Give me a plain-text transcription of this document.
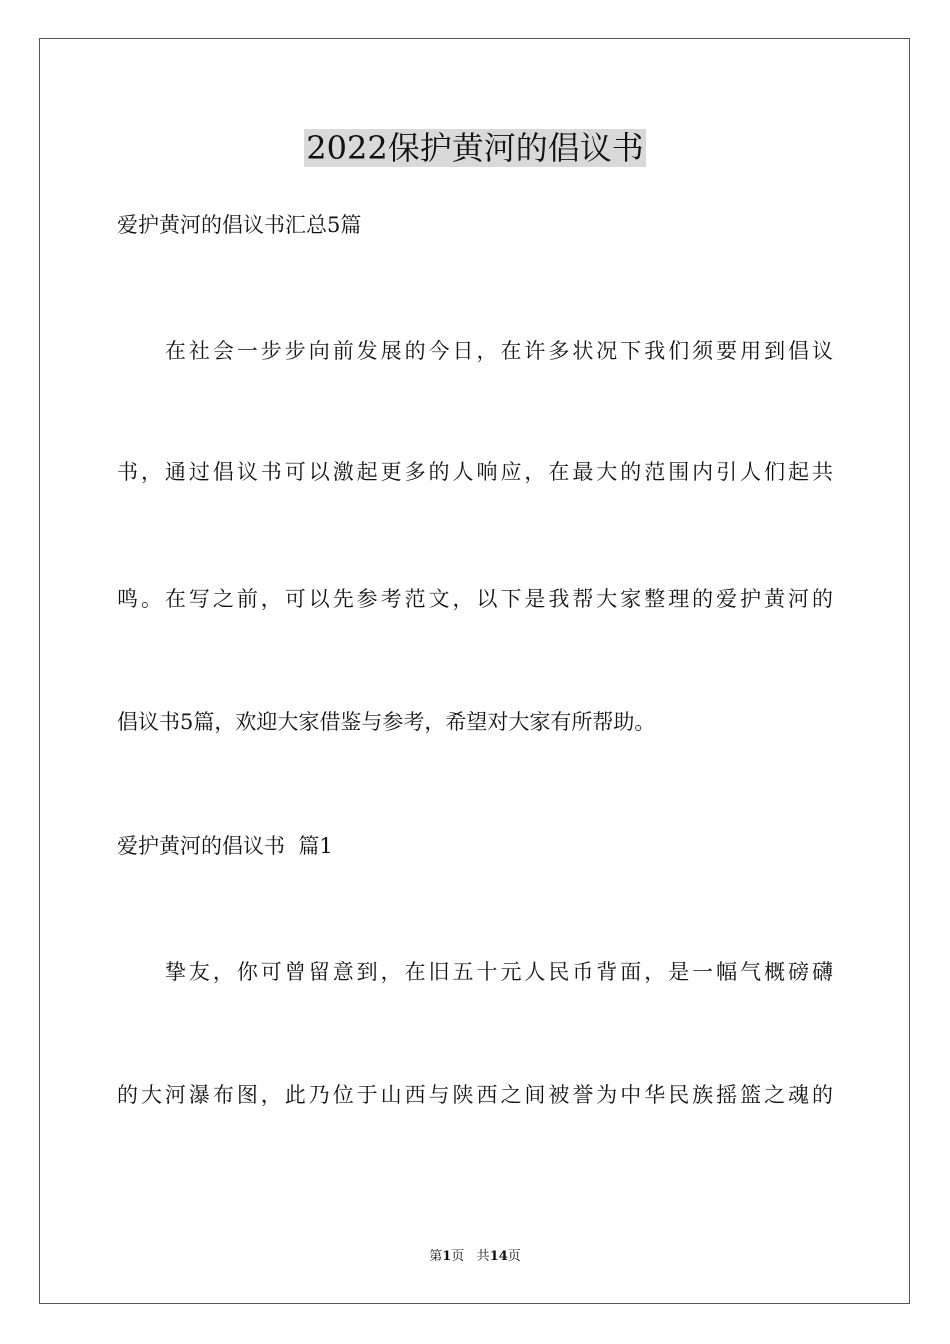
2022保护黄河的倡议书
爱护黄河的倡议书汇总5篇
　　在社会一步步向前发展的今日，在许多状况下我们须要用到倡议
书，通过倡议书可以激起更多的人响应，在最大的范围内引人们起共
鸣。在写之前，可以先参考范文，以下是我帮大家整理的爱护黄河的
倡议书5篇，欢迎大家借鉴与参考，希望对大家有所帮助。
爱护黄河的倡议书  篇1
　　挚友，你可曾留意到，在旧五十元人民币背面，是一幅气概磅礴
的大河瀑布图，此乃位于山西与陕西之间被誉为中华民族摇篮之魂的
第1页 共14页
